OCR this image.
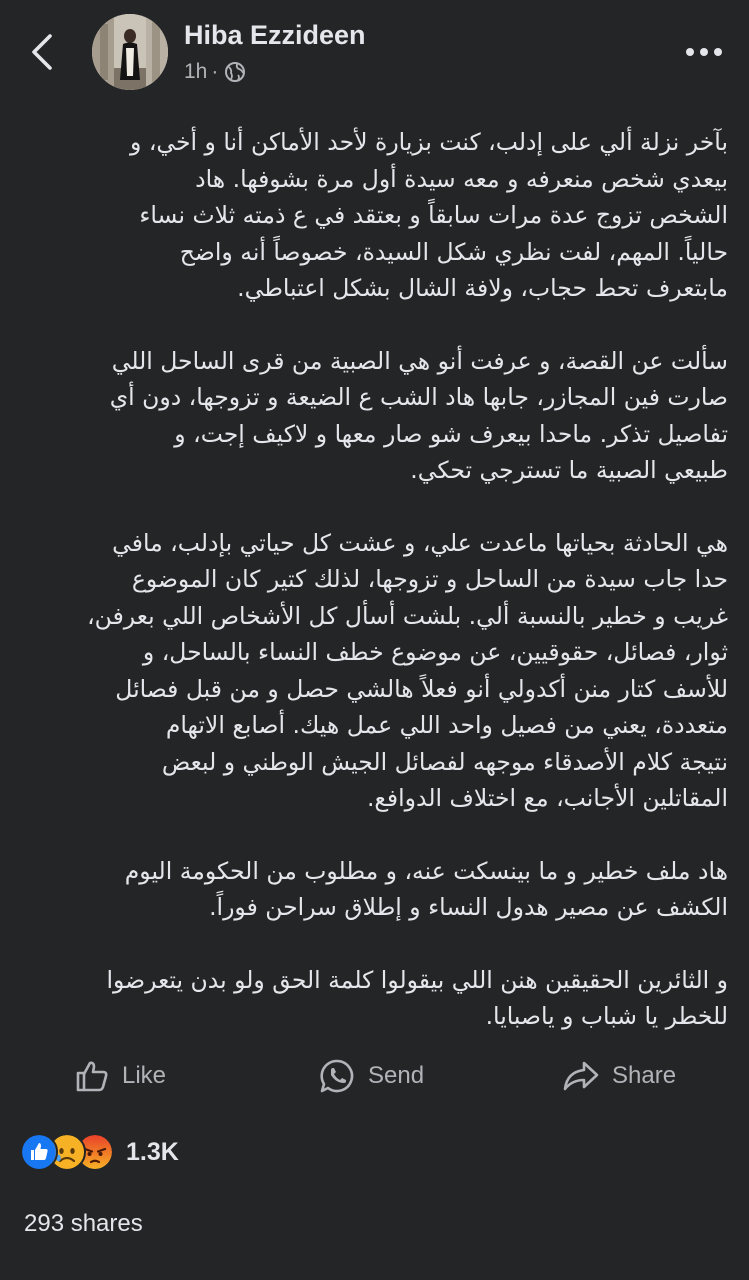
Hiba Ezzideen
1h ·

بآخر نزلة ألي على إدلب، كنت بزيارة لأحد الأماكن أنا و أخي، و
بيعدي شخص منعرفه و معه سيدة أول مرة بشوفها. هاد
الشخص تزوج عدة مرات سابقاً و بعتقد في ع ذمته ثلاث نساء
حالياً. المهم، لفت نظري شكل السيدة، خصوصاً أنه واضح
مابتعرف تحط حجاب، ولافة الشال بشكل اعتباطي.

سألت عن القصة، و عرفت أنو هي الصبية من قرى الساحل اللي
صارت فين المجازر، جابها هاد الشب ع الضيعة و تزوجها، دون أي
تفاصيل تذكر. ماحدا بيعرف شو صار معها و لاكيف إجت، و
طبيعي الصبية ما تسترجي تحكي.

هي الحادثة بحياتها ماعدت علي، و عشت كل حياتي بإدلب، مافي
حدا جاب سيدة من الساحل و تزوجها، لذلك كتير كان الموضوع
غريب و خطير بالنسبة ألي. بلشت أسأل كل الأشخاص اللي بعرفن،
ثوار، فصائل، حقوقيين، عن موضوع خطف النساء بالساحل، و
للأسف كتار منن أكدولي أنو فعلاً هالشي حصل و من قبل فصائل
متعددة، يعني من فصيل واحد اللي عمل هيك. أصابع الاتهام
نتيجة كلام الأصدقاء موجهه لفصائل الجيش الوطني و لبعض
المقاتلين الأجانب، مع اختلاف الدوافع.

هاد ملف خطير و ما بينسكت عنه، و مطلوب من الحكومة اليوم
الكشف عن مصير هدول النساء و إطلاق سراحن فوراً.

و الثائرين الحقيقين هنن اللي بيقولوا كلمة الحق ولو بدن يتعرضوا
للخطر يا شباب و ياصبايا.

Like	Send	Share
1.3K
293 shares
